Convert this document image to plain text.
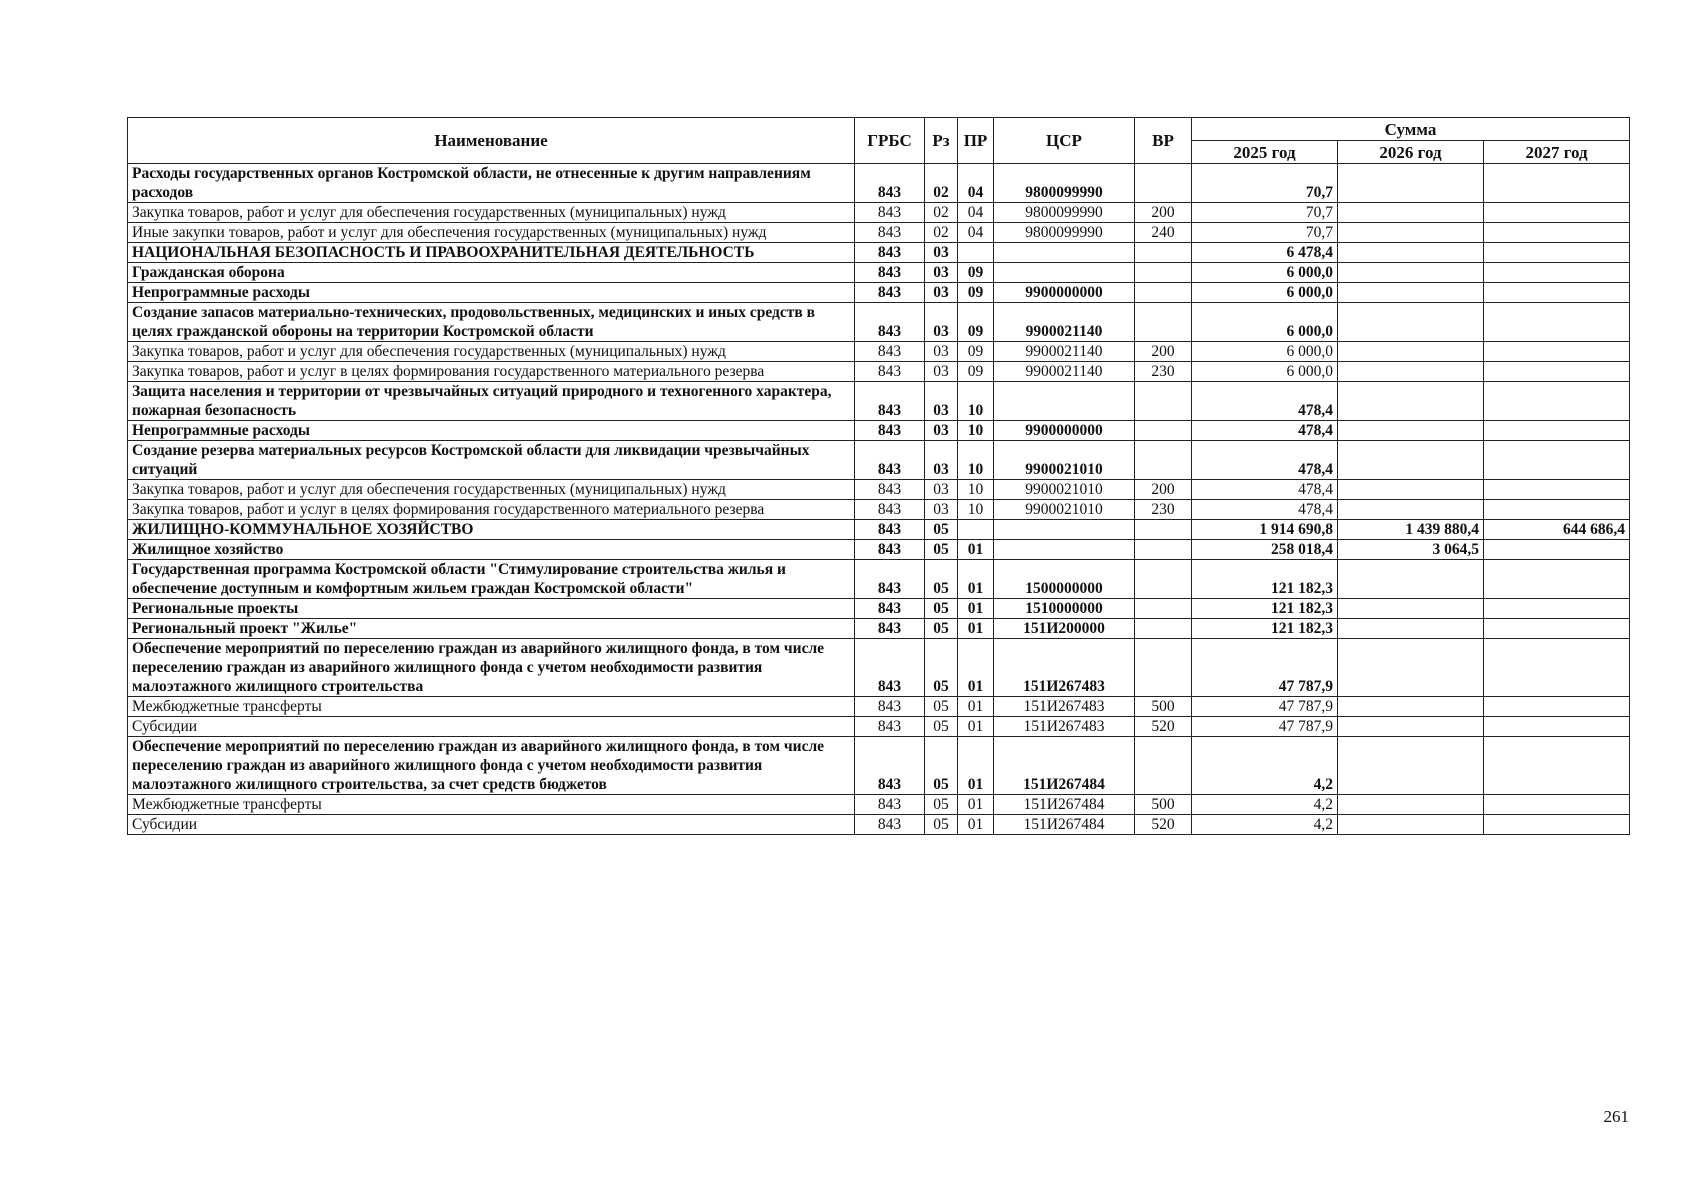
Наименование	ГРБС	Рз	ПР	ЦСР	ВР	Сумма		
						2025 год	2026 год	2027 год
Расходы государственных органов Костромской области, не отнесенные к другим направлениям расходов	843	02	04	9800099990		70,7		
Закупка товаров, работ и услуг для обеспечения государственных (муниципальных) нужд	843	02	04	9800099990	200	70,7		
Иные закупки товаров, работ и услуг для обеспечения государственных (муниципальных) нужд	843	02	04	9800099990	240	70,7		
НАЦИОНАЛЬНАЯ БЕЗОПАСНОСТЬ И ПРАВООХРАНИТЕЛЬНАЯ ДЕЯТЕЛЬНОСТЬ	843	03				6 478,4		
Гражданская оборона	843	03	09			6 000,0		
Непрограммные расходы	843	03	09	9900000000		6 000,0		
Создание запасов материально-технических, продовольственных, медицинских и иных средств в целях гражданской обороны на территории Костромской области	843	03	09	9900021140		6 000,0		
Закупка товаров, работ и услуг для обеспечения государственных (муниципальных) нужд	843	03	09	9900021140	200	6 000,0		
Закупка товаров, работ и услуг в целях формирования государственного материального резерва	843	03	09	9900021140	230	6 000,0		
Защита населения и территории от чрезвычайных ситуаций природного и техногенного характера, пожарная безопасность	843	03	10			478,4		
Непрограммные расходы	843	03	10	9900000000		478,4		
Создание резерва материальных ресурсов Костромской области для ликвидации чрезвычайных ситуаций	843	03	10	9900021010		478,4		
Закупка товаров, работ и услуг для обеспечения государственных (муниципальных) нужд	843	03	10	9900021010	200	478,4		
Закупка товаров, работ и услуг в целях формирования государственного материального резерва	843	03	10	9900021010	230	478,4		
ЖИЛИЩНО-КОММУНАЛЬНОЕ ХОЗЯЙСТВО	843	05				1 914 690,8	1 439 880,4	644 686,4
Жилищное хозяйство	843	05	01			258 018,4	3 064,5	
Государственная программа Костромской области "Стимулирование строительства жилья и обеспечение доступным и комфортным жильем граждан Костромской области"	843	05	01	1500000000		121 182,3		
Региональные проекты	843	05	01	1510000000		121 182,3		
Региональный проект "Жилье"	843	05	01	151И200000		121 182,3		
Обеспечение мероприятий по переселению граждан из аварийного жилищного фонда, в том числе переселению граждан из аварийного жилищного фонда с учетом необходимости развития малоэтажного жилищного строительства	843	05	01	151И267483		47 787,9		
Межбюджетные трансферты	843	05	01	151И267483	500	47 787,9		
Субсидии	843	05	01	151И267483	520	47 787,9		
Обеспечение мероприятий по переселению граждан из аварийного жилищного фонда, в том числе переселению граждан из аварийного жилищного фонда с учетом необходимости развития малоэтажного жилищного строительства, за счет средств бюджетов	843	05	01	151И267484		4,2		
Межбюджетные трансферты	843	05	01	151И267484	500	4,2		
Субсидии	843	05	01	151И267484	520	4,2		
261
